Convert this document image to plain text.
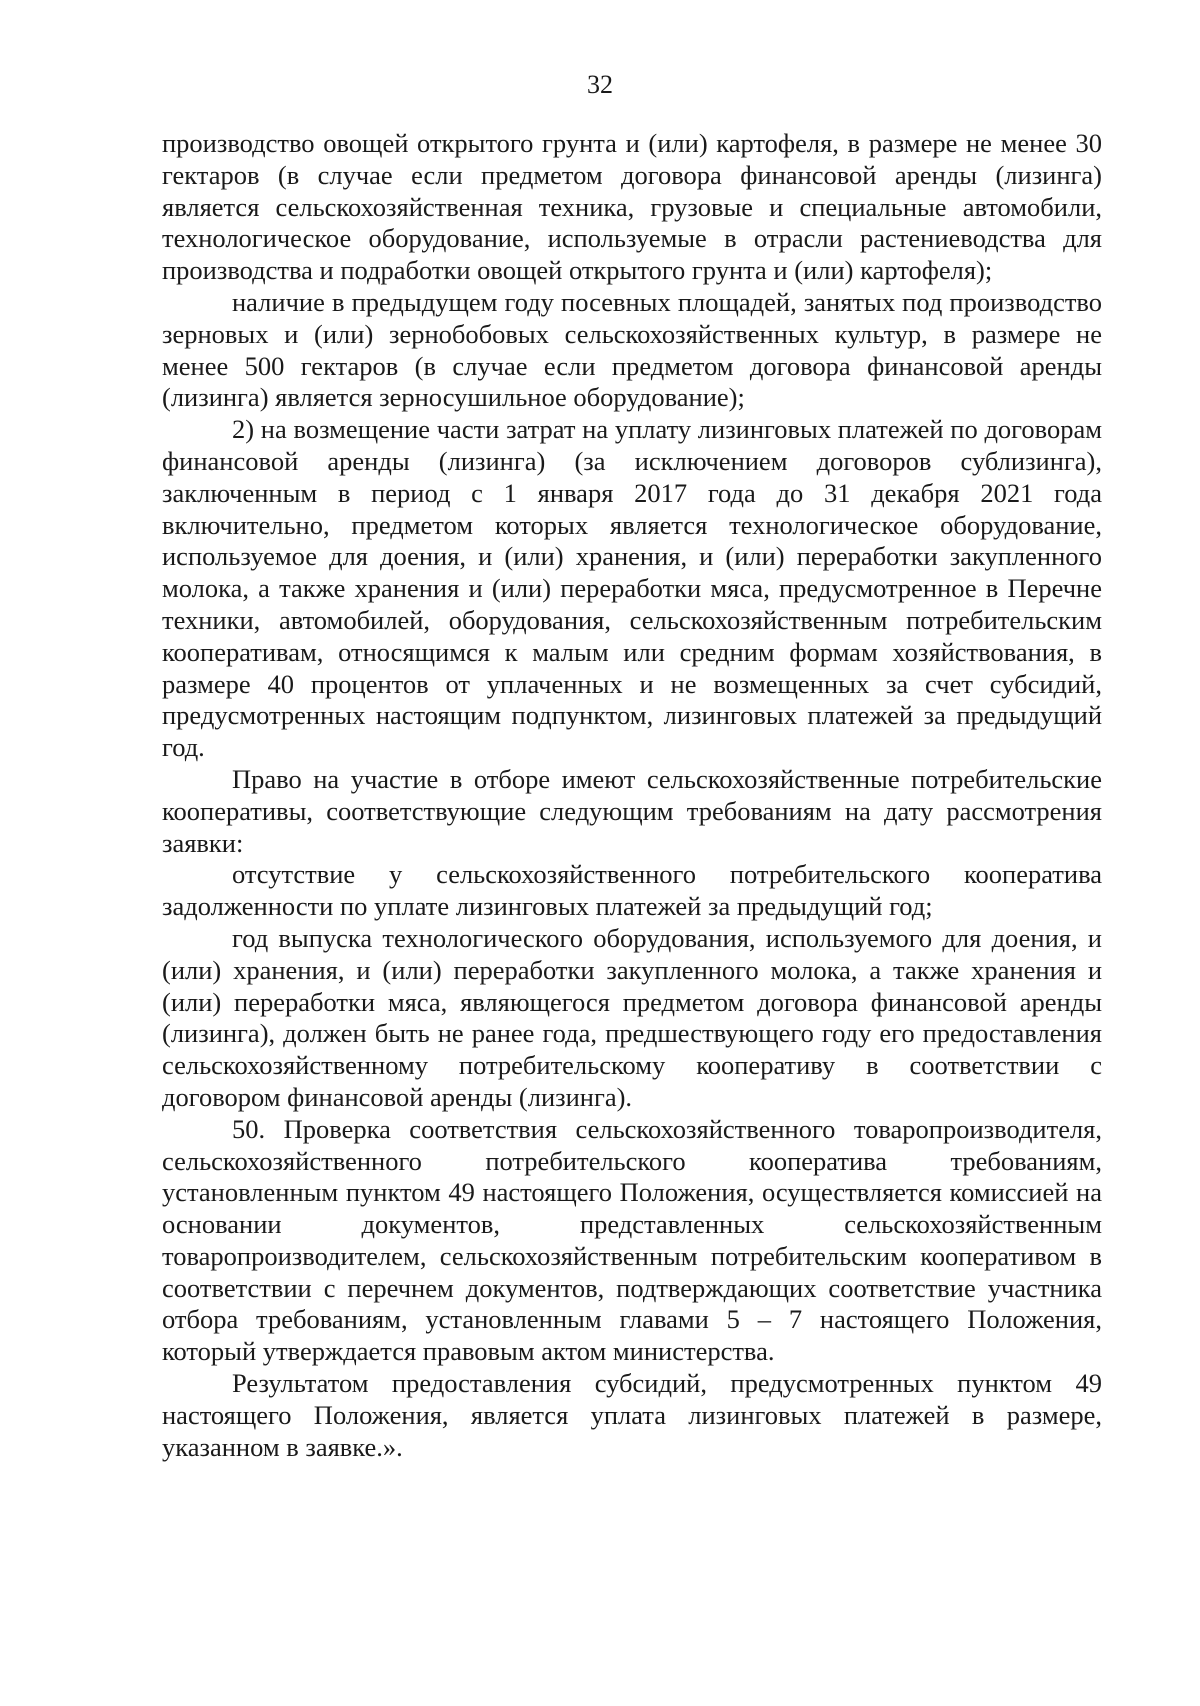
32

производство овощей открытого грунта и (или) картофеля, в размере не менее 30 гектаров (в случае если предметом договора финансовой аренды (лизинга) является сельскохозяйственная техника, грузовые и специальные автомобили, технологическое оборудование, используемые в отрасли растениеводства для производства и подработки овощей открытого грунта и (или) картофеля);

наличие в предыдущем году посевных площадей, занятых под производство зерновых и (или) зернобобовых сельскохозяйственных культур, в размере не менее 500 гектаров (в случае если предметом договора финансовой аренды (лизинга) является зерносушильное оборудование);

2) на возмещение части затрат на уплату лизинговых платежей по договорам финансовой аренды (лизинга) (за исключением договоров сублизинга), заключенным в период с 1 января 2017 года до 31 декабря 2021 года включительно, предметом которых является технологическое оборудование, используемое для доения, и (или) хранения, и (или) переработки закупленного молока, а также хранения и (или) переработки мяса, предусмотренное в Перечне техники, автомобилей, оборудования, сельскохозяйственным потребительским кооперативам, относящимся к малым или средним формам хозяйствования, в размере 40 процентов от уплаченных и не возмещенных за счет субсидий, предусмотренных настоящим подпунктом, лизинговых платежей за предыдущий год.

Право на участие в отборе имеют сельскохозяйственные потребительские кооперативы, соответствующие следующим требованиям на дату рассмотрения заявки:

отсутствие у сельскохозяйственного потребительского кооператива задолженности по уплате лизинговых платежей за предыдущий год;

год выпуска технологического оборудования, используемого для доения, и (или) хранения, и (или) переработки закупленного молока, а также хранения и (или) переработки мяса, являющегося предметом договора финансовой аренды (лизинга), должен быть не ранее года, предшествующего году его предоставления сельскохозяйственному потребительскому кооперативу в соответствии с договором финансовой аренды (лизинга).

50. Проверка соответствия сельскохозяйственного товаропроизводителя, сельскохозяйственного потребительского кооператива требованиям, установленным пунктом 49 настоящего Положения, осуществляется комиссией на основании документов, представленных сельскохозяйственным товаропроизводителем, сельскохозяйственным потребительским кооперативом в соответствии с перечнем документов, подтверждающих соответствие участника отбора требованиям, установленным главами 5 – 7 настоящего Положения, который утверждается правовым актом министерства.

Результатом предоставления субсидий, предусмотренных пунктом 49 настоящего Положения, является уплата лизинговых платежей в размере, указанном в заявке.».
